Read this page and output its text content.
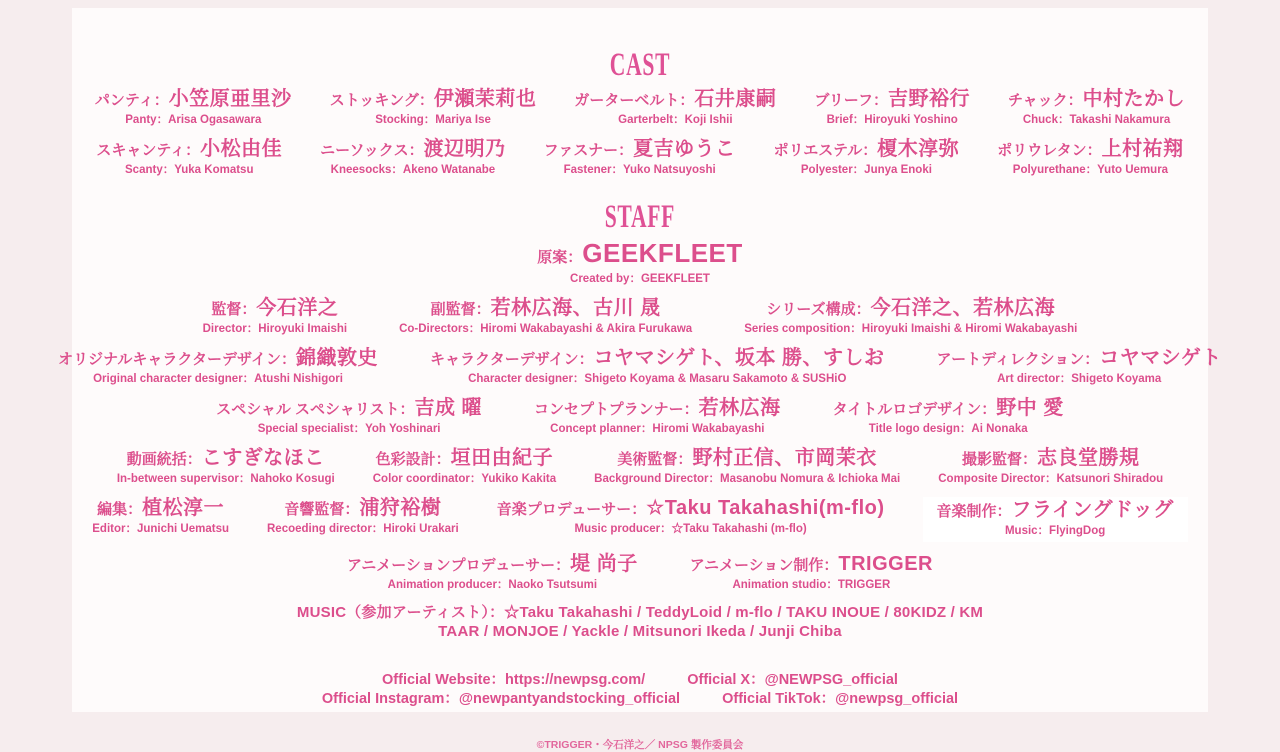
CAST
パンティ：小笠原亜里沙
Panty：Arisa Ogasawara
ストッキング：伊瀬茉莉也
Stocking：Mariya Ise
ガーターベルト：石井康嗣
Garterbelt：Koji Ishii
ブリーフ：吉野裕行
Brief：Hiroyuki Yoshino
チャック：中村たかし
Chuck：Takashi Nakamura
スキャンティ：小松由佳
Scanty：Yuka Komatsu
ニーソックス：渡辺明乃
Kneesocks：Akeno Watanabe
ファスナー：夏吉ゆうこ
Fastener：Yuko Natsuyoshi
ポリエステル：榎木淳弥
Polyester：Junya Enoki
ポリウレタン：上村祐翔
Polyurethane：Yuto Uemura
STAFF
原案：GEEKFLEET
Created by：GEEKFLEET
監督：今石洋之
Director：Hiroyuki Imaishi
副監督：若林広海、古川 晟
Co-Directors：Hiromi Wakabayashi & Akira Furukawa
シリーズ構成：今石洋之、若林広海
Series composition：Hiroyuki Imaishi & Hiromi Wakabayashi
オリジナルキャラクターデザイン：錦織敦史
Original character designer：Atushi Nishigori
キャラクターデザイン：コヤマシゲト、坂本 勝、すしお
Character designer：Shigeto Koyama & Masaru Sakamoto & SUSHiO
アートディレクション：コヤマシゲト
Art director：Shigeto Koyama
スペシャル スペシャリスト：吉成 曜
Special specialist：Yoh Yoshinari
コンセプトプランナー：若林広海
Concept planner：Hiromi Wakabayashi
タイトルロゴデザイン：野中 愛
Title logo design：Ai Nonaka
動画統括：こすぎなほこ
In-between supervisor：Nahoko Kosugi
色彩設計：垣田由紀子
Color coordinator：Yukiko Kakita
美術監督：野村正信、市岡茉衣
Background Director：Masanobu Nomura & Ichioka Mai
撮影監督：志良堂勝規
Composite Director：Katsunori Shiradou
編集：植松淳一
Editor：Junichi Uematsu
音響監督：浦狩裕樹
Recoeding director：Hiroki Urakari
音楽プロデューサー：☆Taku Takahashi(m-flo)
Music producer：☆Taku Takahashi (m-flo)
音楽制作：フライングドッグ
Music：FlyingDog
アニメーションプロデューサー：堤 尚子
Animation producer：Naoko Tsutsumi
アニメーション制作：TRIGGER
Animation studio：TRIGGER
MUSIC（参加アーティスト）：☆Taku Takahashi / TeddyLoid / m-flo / TAKU INOUE / 80KIDZ / KM
TAAR / MONJOE / Yackle / Mitsunori Ikeda / Junji Chiba
Official Website：https://newpsg.com/	Official X：@NEWPSG_official
Official Instagram：@newpantyandstocking_official	Official TikTok：@newpsg_official
©TRIGGER・今石洋之／ NPSG 製作委員会
